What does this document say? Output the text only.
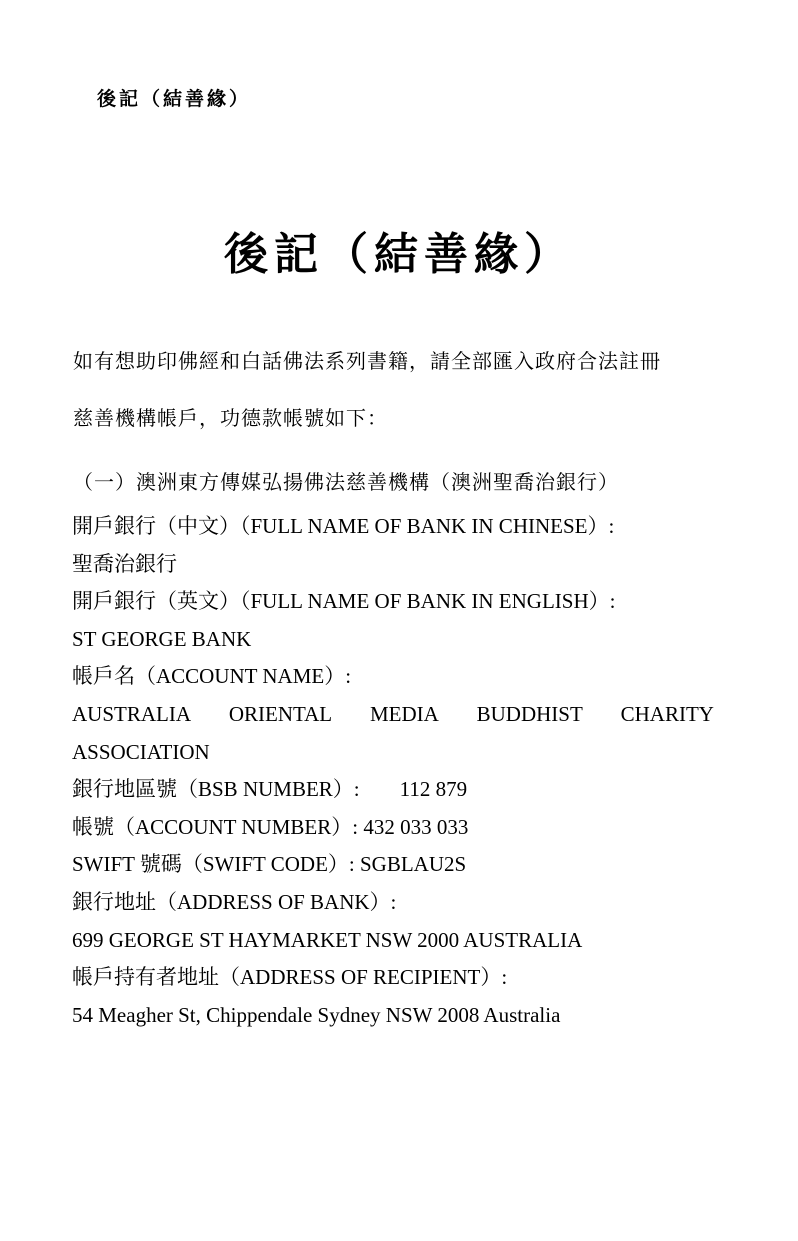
後記（結善緣）
後記（結善緣）
如有想助印佛經和白話佛法系列書籍，請全部匯入政府合法註冊
慈善機構帳戶，功德款帳號如下：
（一）澳洲東方傳媒弘揚佛法慈善機構（澳洲聖喬治銀行）
開戶銀行（中文）（FULL NAME OF BANK IN CHINESE）:
聖喬治銀行
開戶銀行（英文）（FULL NAME OF BANK IN ENGLISH）:
ST GEORGE BANK
帳戶名（ACCOUNT NAME）:
AUSTRALIA ORIENTAL MEDIA BUDDHIST CHARITY
ASSOCIATION
銀行地區號（BSB NUMBER）: 112 879
帳號（ACCOUNT NUMBER）: 432 033 033
SWIFT 號碼（SWIFT CODE）: SGBLAU2S
銀行地址（ADDRESS OF BANK）:
699 GEORGE ST HAYMARKET NSW 2000 AUSTRALIA
帳戶持有者地址（ADDRESS OF RECIPIENT）:
54 Meagher St, Chippendale Sydney NSW 2008 Australia
